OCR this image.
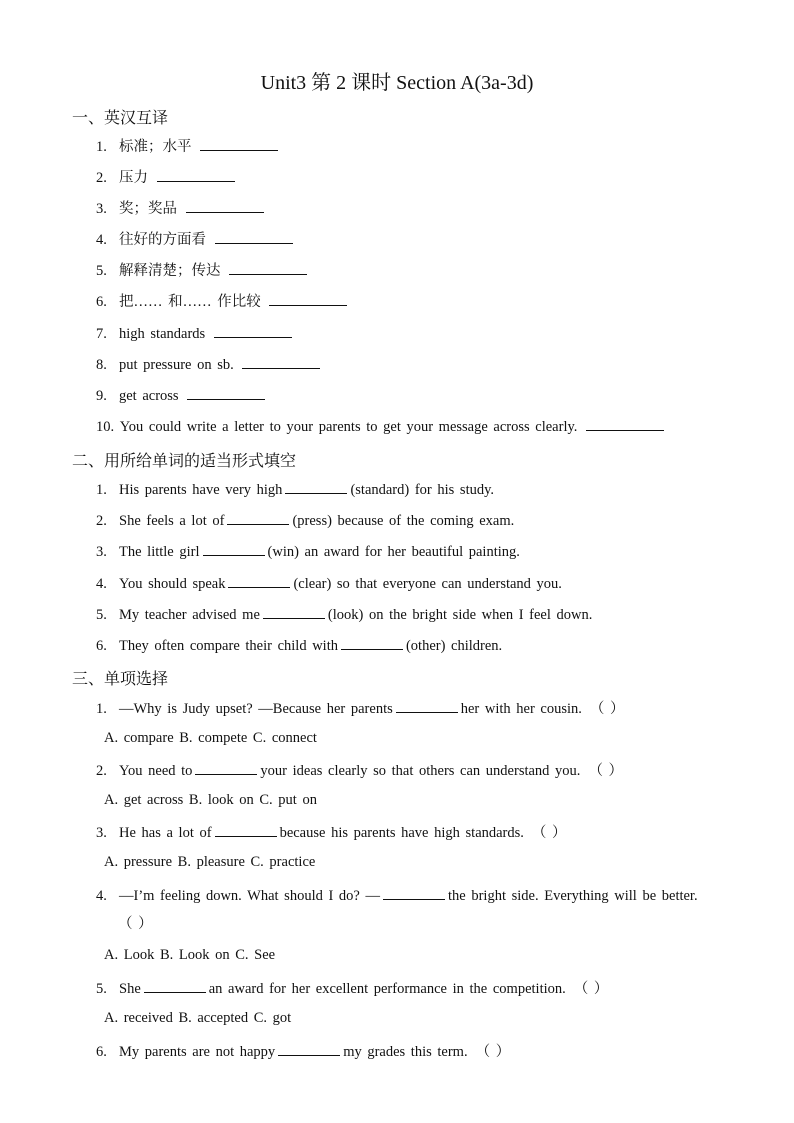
Unit3 第 2 课时 Section A(3a-3d)
一、英汉互译
1. 标准；水平
2. 压力
3. 奖；奖品
4. 往好的方面看
5. 解释清楚；传达
6. 把…… 和…… 作比较
7. high standards
8. put pressure on sb.
9. get across
10. You could write a letter to your parents to get your message across clearly.
二、用所给单词的适当形式填空
1. His parents have very high	(standard) for his study.
2. She feels a lot of	(press) because of the coming exam.
3. The little girl	(win) an award for her beautiful painting.
4. You should speak	(clear) so that everyone can understand you.
5. My teacher advised me	(look) on the bright side when I feel down.
6. They often compare their child with	(other) children.
三、单项选择
1. —Why is Judy upset? —Because her parents	her with her cousin. （ ）
A. compare B. compete C. connect
2. You need to	your ideas clearly so that others can understand you. （ ）
A. get across B. look on C. put on
3. He has a lot of	because his parents have high standards. （ ）
A. pressure B. pleasure C. practice
4. —I’m feeling down. What should I do? —	the bright side. Everything will be better.
（ ）
A. Look B. Look on C. See
5. She	an award for her excellent performance in the competition. （ ）
A. received B. accepted C. got
6. My parents are not happy	my grades this term. （ ）
